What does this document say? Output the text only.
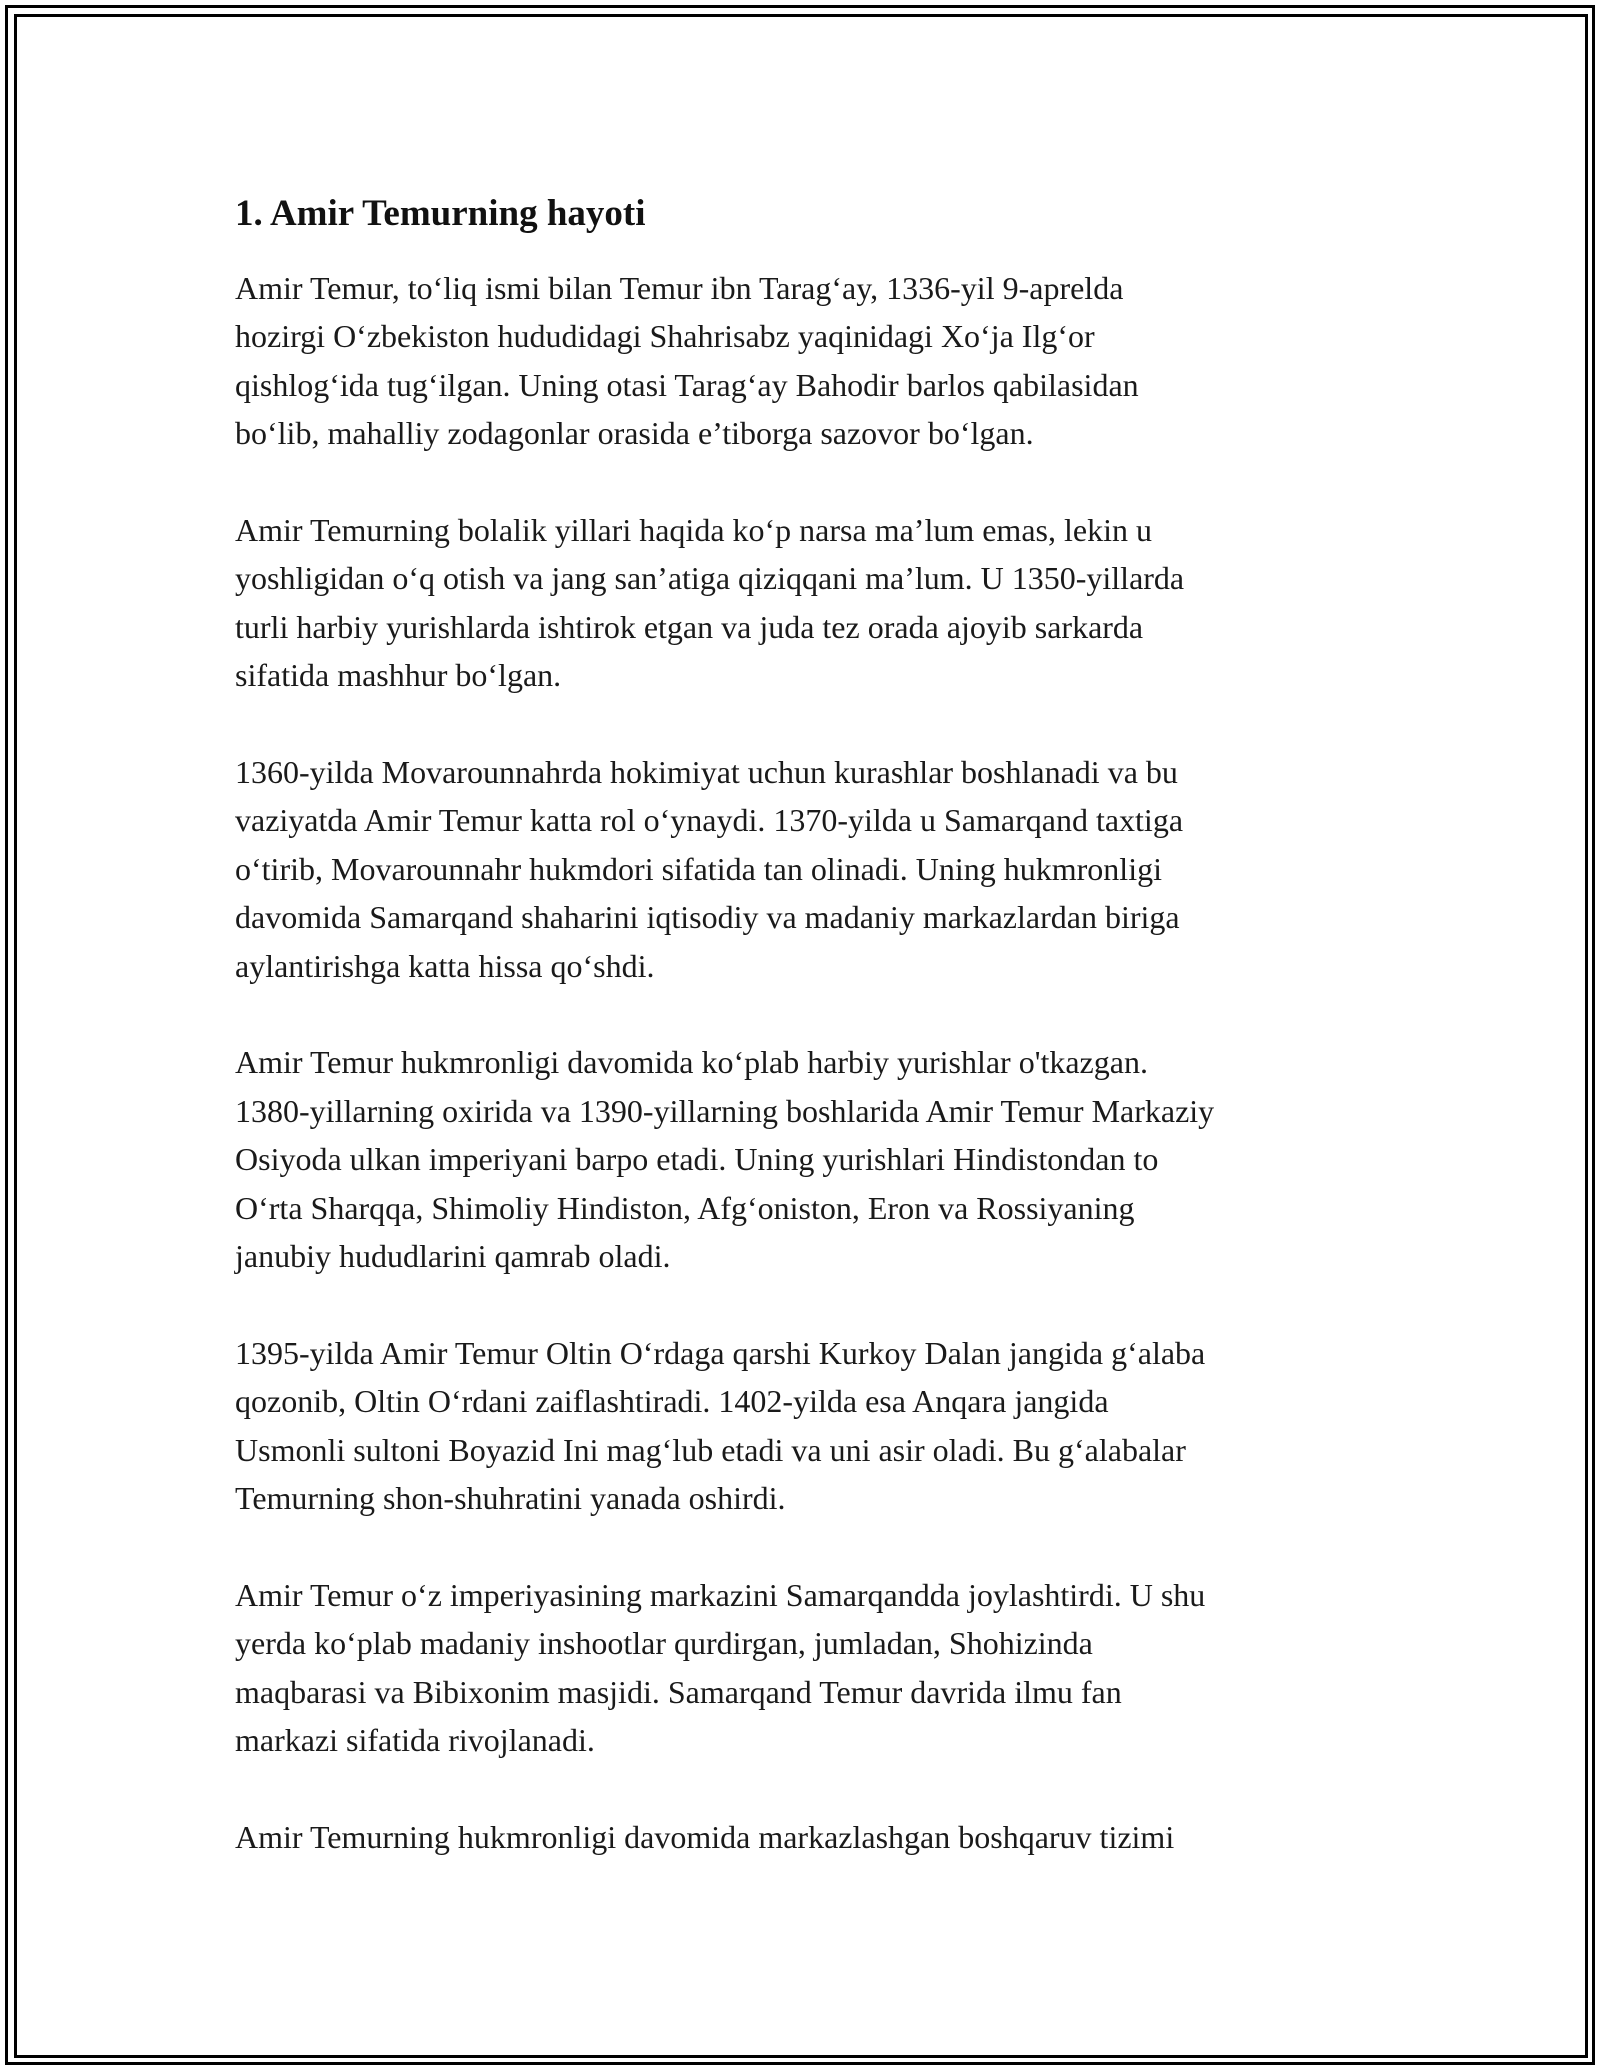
1. Amir Temurning hayoti
Amir Temur, to‘liq ismi bilan Temur ibn Tarag‘ay, 1336-yil 9-aprelda
hozirgi O‘zbekiston hududidagi Shahrisabz yaqinidagi Xo‘ja Ilg‘or
qishlog‘ida tug‘ilgan. Uning otasi Tarag‘ay Bahodir barlos qabilasidan
bo‘lib, mahalliy zodagonlar orasida e’tiborga sazovor bo‘lgan.
Amir Temurning bolalik yillari haqida ko‘p narsa ma’lum emas, lekin u
yoshligidan o‘q otish va jang san’atiga qiziqqani ma’lum. U 1350-yillarda
turli harbiy yurishlarda ishtirok etgan va juda tez orada ajoyib sarkarda
sifatida mashhur bo‘lgan.
1360-yilda Movarounnahrda hokimiyat uchun kurashlar boshlanadi va bu
vaziyatda Amir Temur katta rol o‘ynaydi. 1370-yilda u Samarqand taxtiga
o‘tirib, Movarounnahr hukmdori sifatida tan olinadi. Uning hukmronligi
davomida Samarqand shaharini iqtisodiy va madaniy markazlardan biriga
aylantirishga katta hissa qo‘shdi.
Amir Temur hukmronligi davomida ko‘plab harbiy yurishlar o'tkazgan.
1380-yillarning oxirida va 1390-yillarning boshlarida Amir Temur Markaziy
Osiyoda ulkan imperiyani barpo etadi. Uning yurishlari Hindistondan to
O‘rta Sharqqa, Shimoliy Hindiston, Afg‘oniston, Eron va Rossiyaning
janubiy hududlarini qamrab oladi.
1395-yilda Amir Temur Oltin O‘rdaga qarshi Kurkoy Dalan jangida g‘alaba
qozonib, Oltin O‘rdani zaiflashtiradi. 1402-yilda esa Anqara jangida
Usmonli sultoni Boyazid Ini mag‘lub etadi va uni asir oladi. Bu g‘alabalar
Temurning shon-shuhratini yanada oshirdi.
Amir Temur o‘z imperiyasining markazini Samarqandda joylashtirdi. U shu
yerda ko‘plab madaniy inshootlar qurdirgan, jumladan, Shohizinda
maqbarasi va Bibixonim masjidi. Samarqand Temur davrida ilmu fan
markazi sifatida rivojlanadi.
Amir Temurning hukmronligi davomida markazlashgan boshqaruv tizimi
